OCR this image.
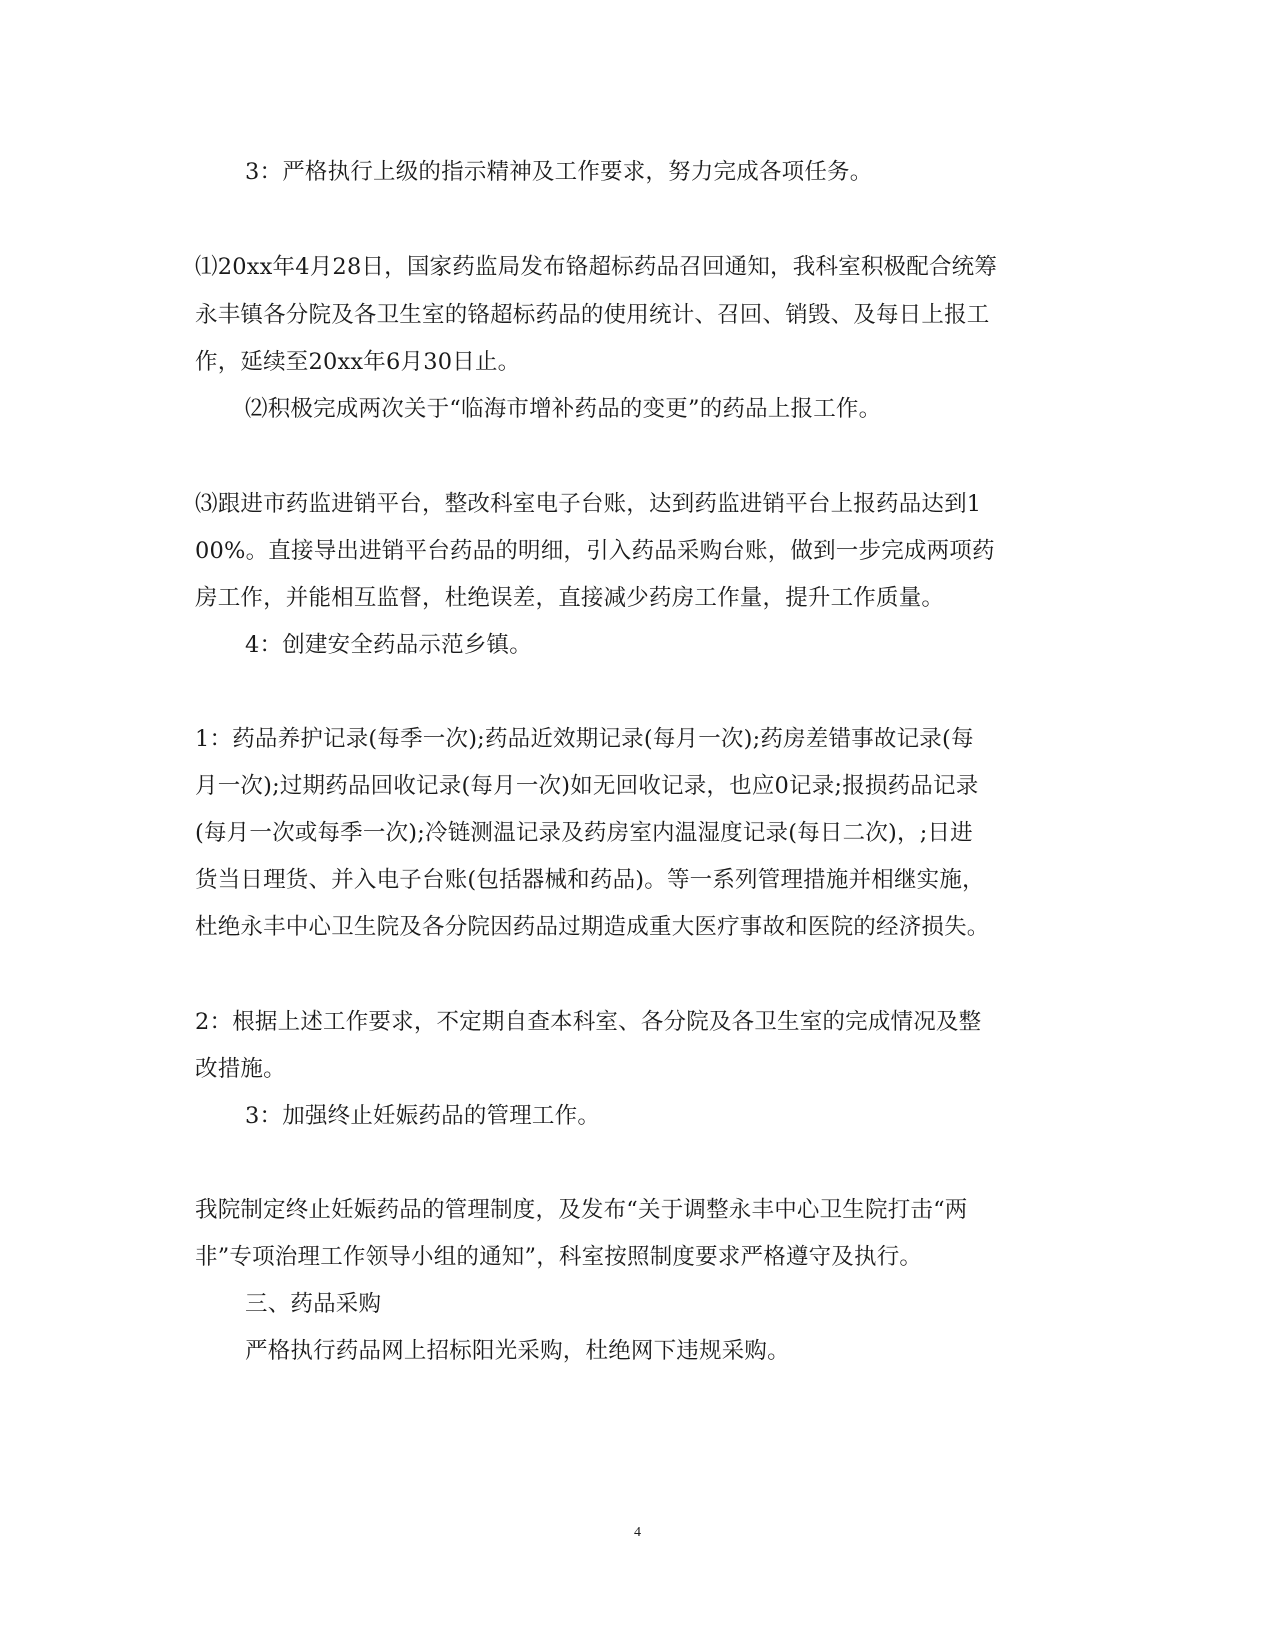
3：严格执行上级的指示精神及工作要求，努力完成各项任务。

⑴20xx年4月28日，国家药监局发布铬超标药品召回通知，我科室积极配合统筹

永丰镇各分院及各卫生室的铬超标药品的使用统计、召回、销毁、及每日上报工

作，延续至20xx年6月30日止。

⑵积极完成两次关于“临海市增补药品的变更”的药品上报工作。

⑶跟进市药监进销平台，整改科室电子台账，达到药监进销平台上报药品达到1

00%。直接导出进销平台药品的明细，引入药品采购台账，做到一步完成两项药

房工作，并能相互监督，杜绝误差，直接减少药房工作量，提升工作质量。

4：创建安全药品示范乡镇。

1：药品养护记录(每季一次);药品近效期记录(每月一次);药房差错事故记录(每

月一次);过期药品回收记录(每月一次)如无回收记录，也应0记录;报损药品记录

(每月一次或每季一次);冷链测温记录及药房室内温湿度记录(每日二次)，;日进

货当日理货、并入电子台账(包括器械和药品)。等一系列管理措施并相继实施，

杜绝永丰中心卫生院及各分院因药品过期造成重大医疗事故和医院的经济损失。

2：根据上述工作要求，不定期自查本科室、各分院及各卫生室的完成情况及整

改措施。

3：加强终止妊娠药品的管理工作。

我院制定终止妊娠药品的管理制度，及发布“关于调整永丰中心卫生院打击“两

非”专项治理工作领导小组的通知”，科室按照制度要求严格遵守及执行。

三、药品采购

严格执行药品网上招标阳光采购，杜绝网下违规采购。

4
